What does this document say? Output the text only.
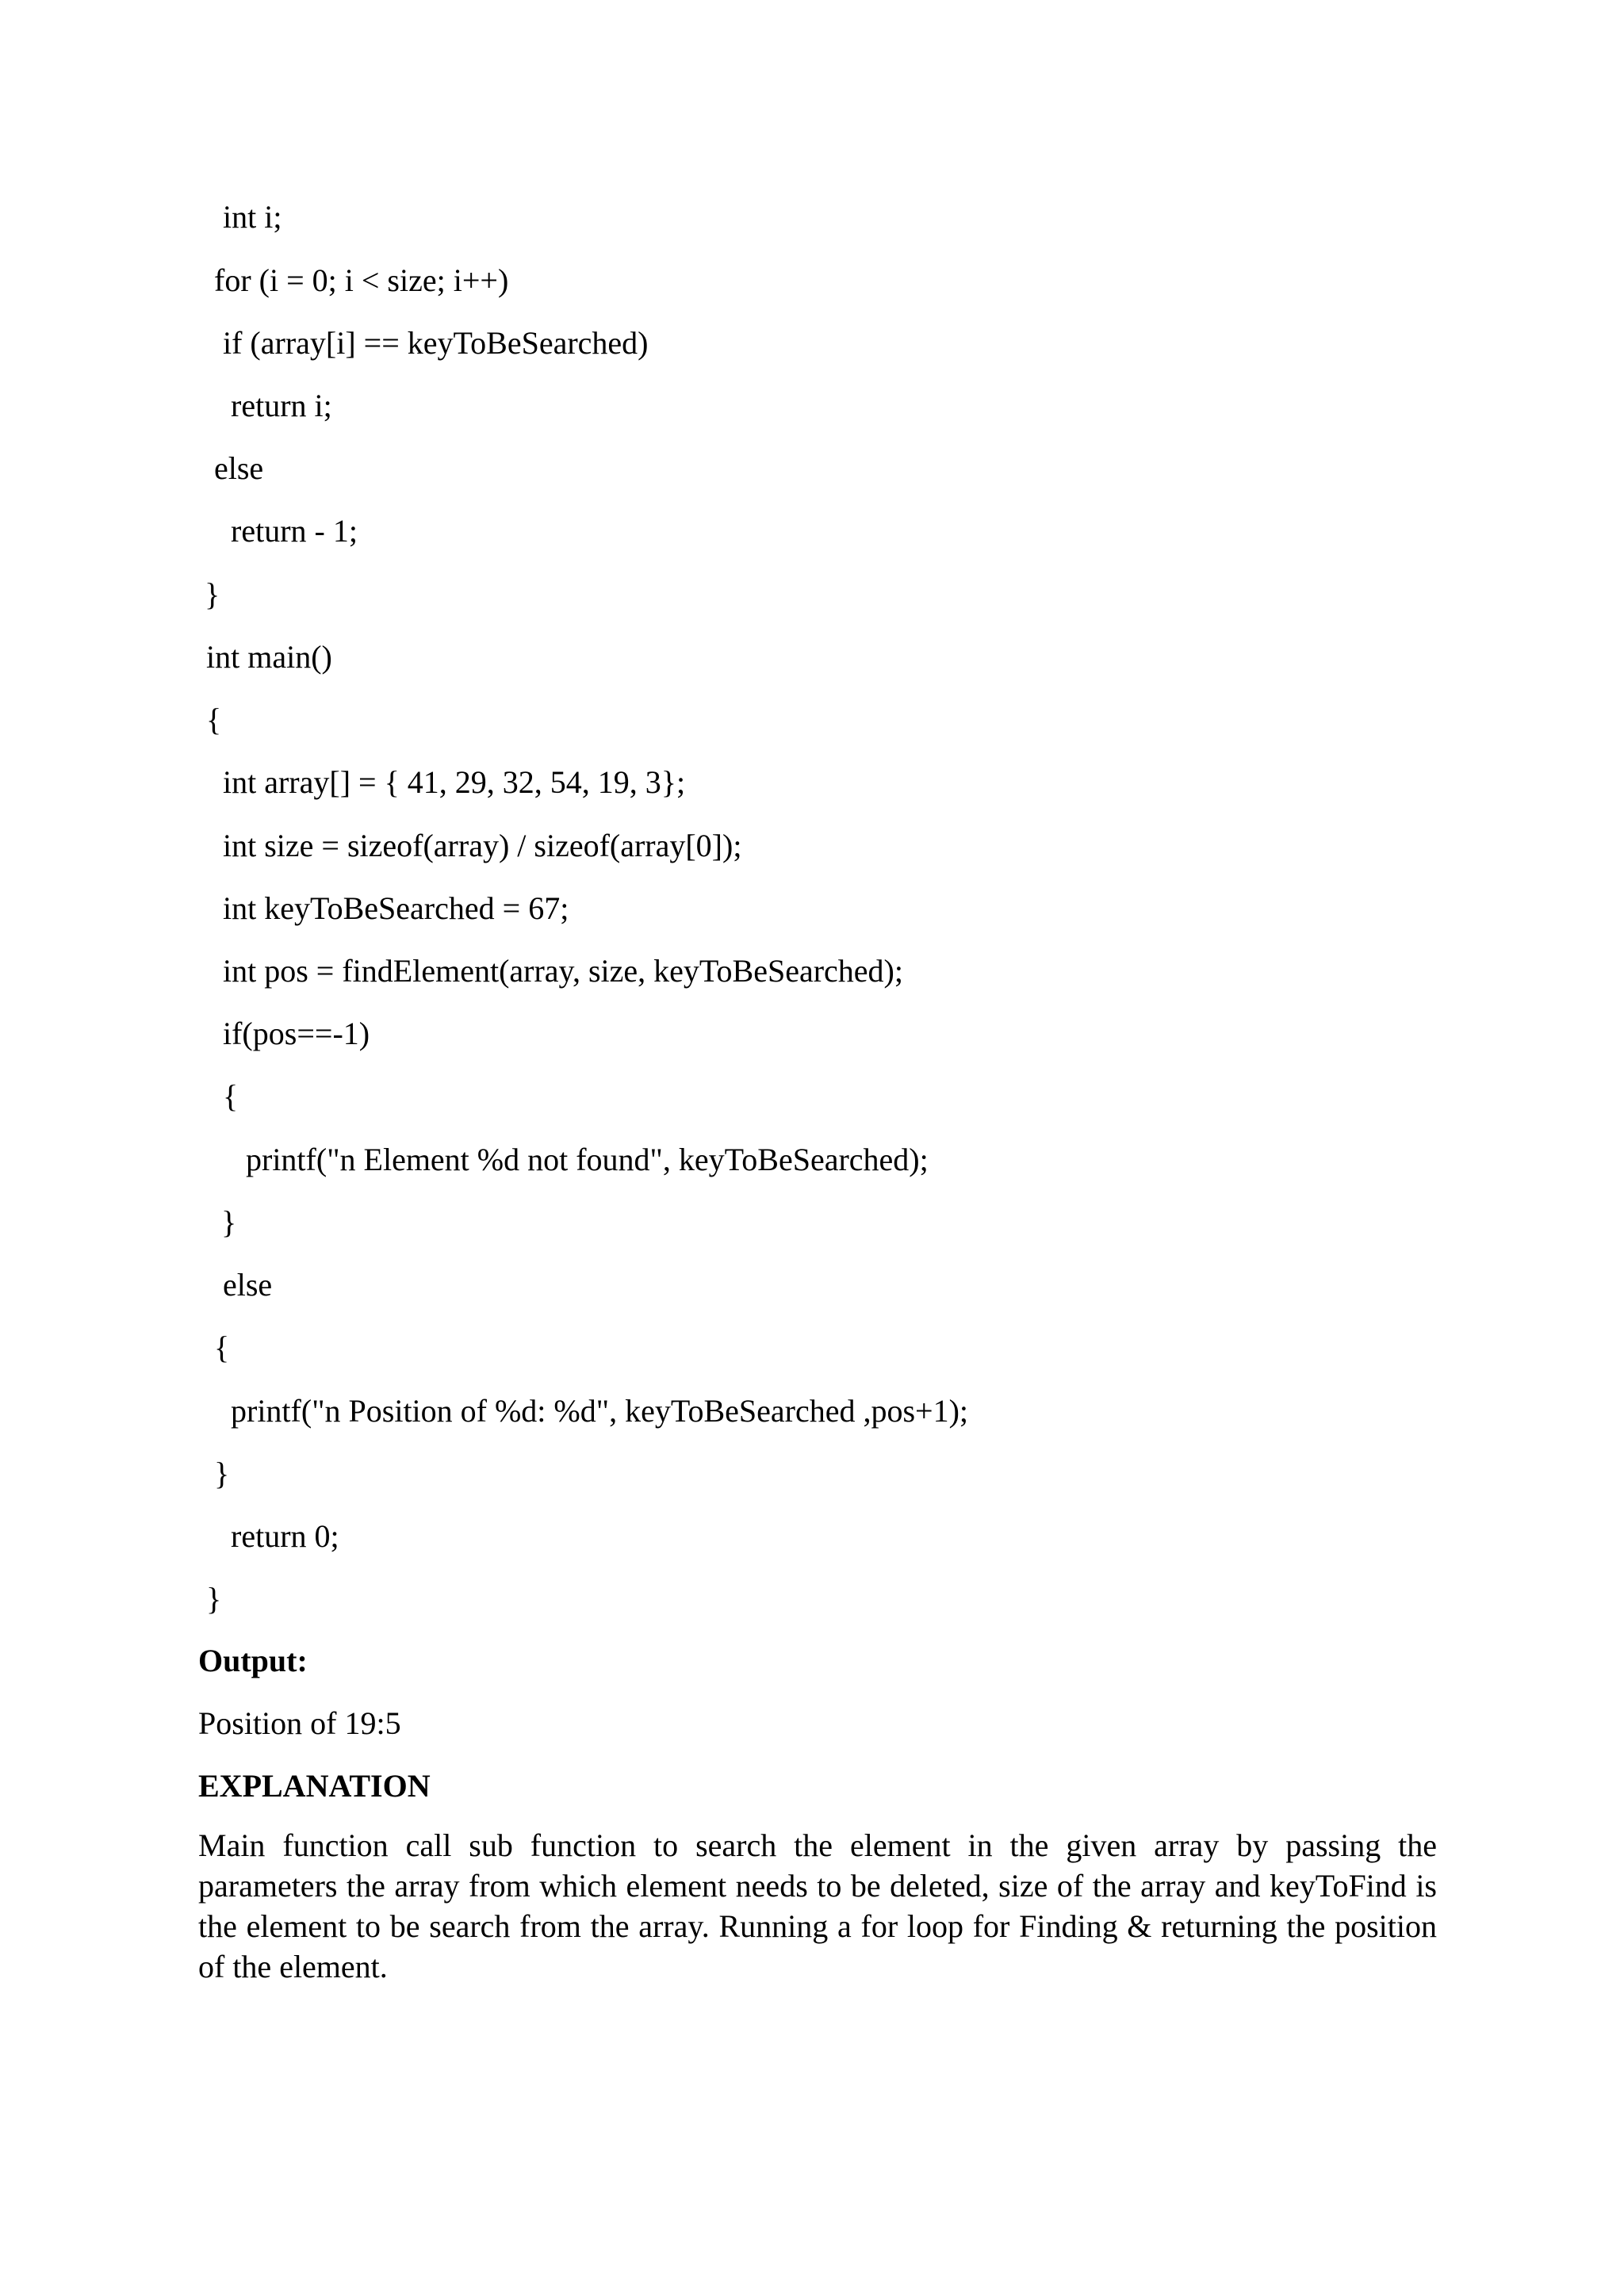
int i;
for (i = 0; i < size; i++)
if (array[i] == keyToBeSearched)
return i;
else
return - 1;
}
int main()
{
int array[] = { 41, 29, 32, 54, 19, 3};
int size = sizeof(array) / sizeof(array[0]);
int keyToBeSearched = 67;
int pos = findElement(array, size, keyToBeSearched);
if(pos==-1)
{
printf("n Element %d not found", keyToBeSearched);
}
else
{
printf("n Position of %d: %d", keyToBeSearched ,pos+1);
}
return 0;
}
Output:
Position of 19:5
EXPLANATION
Main function call sub function to search the element in the given array by passing the parameters the array from which element needs to be deleted, size of the array and keyToFind is the element to be search from the array. Running a for loop for Finding & returning the position of the element.
